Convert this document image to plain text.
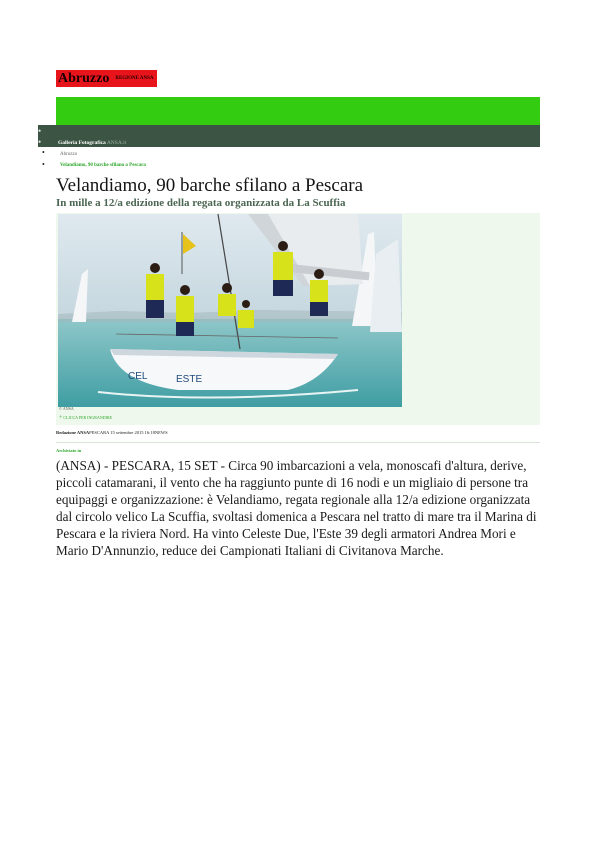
Abruzzo REGIONE ANSA
•
•	Galleria FotograficaANSA.it
•	Abruzzo
•	Velandiamo, 90 barche sfilano a Pescara
Velandiamo, 90 barche sfilano a Pescara
In mille a 12/a edizione della regata organizzata da La Scuffia
CEL	ESTE
© ANSA
+ CLICCA PER INGRANDIRE
Redazione ANSAPESCARA 15 settembre 2015 16:18NEWS
Archiviato in

(ANSA) - PESCARA, 15 SET - Circa 90 imbarcazioni a vela, monoscafi d'altura, derive, piccoli catamarani, il vento che ha raggiunto punte di 16 nodi e un migliaio di persone tra equipaggi e organizzazione: è Velandiamo, regata regionale alla 12/a edizione organizzata dal circolo velico La Scuffia, svoltasi domenica a Pescara nel tratto di mare tra il Marina di Pescara e la riviera Nord. Ha vinto Celeste Due, l'Este 39 degli armatori Andrea Mori e Mario D'Annunzio, reduce dei Campionati Italiani di Civitanova Marche.
